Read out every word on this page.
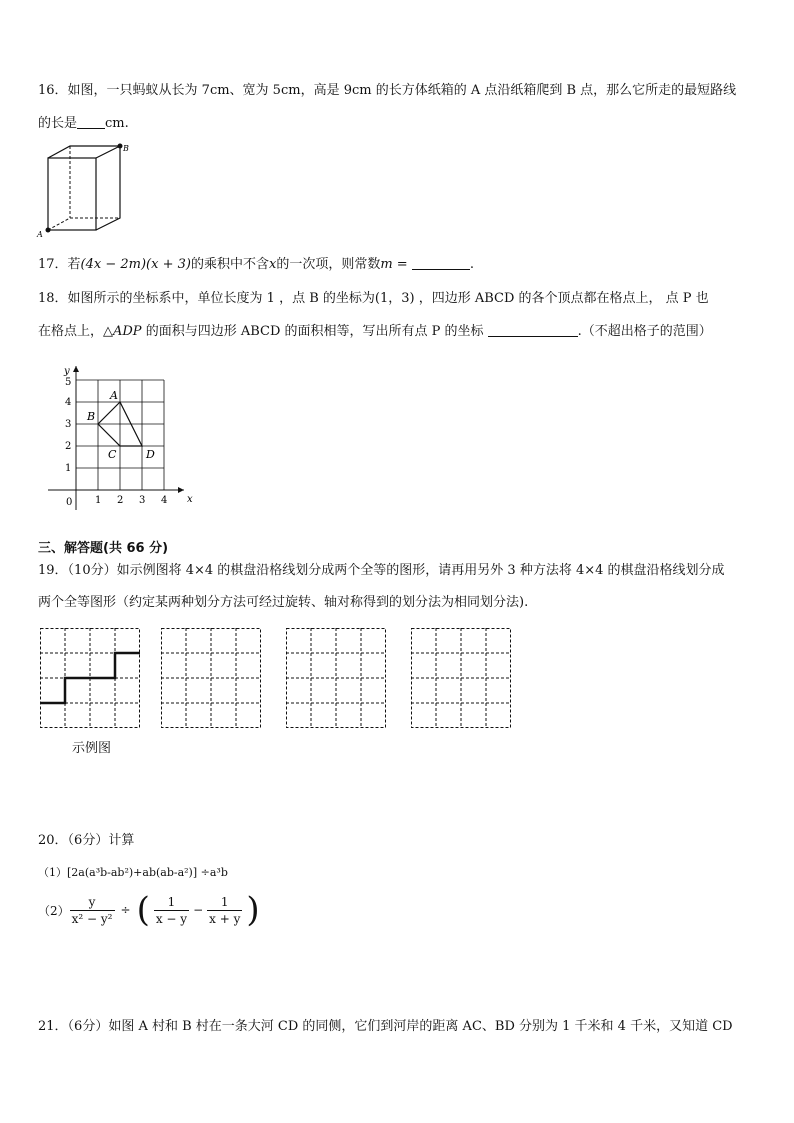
16．如图，一只蚂蚁从长为 7cm、宽为 5cm，高是 9cm 的长方体纸箱的 A 点沿纸箱爬到 B 点，那么它所走的最短路线
的长是 cm.
A
B
17．若(4x − 2m)(x + 3)的乘积中不含x的一次项，则常数m =	.
18．如图所示的坐标系中，单位长度为 1 ，点 B 的坐标为(1，3) ，四边形 ABCD 的各个顶点都在格点上， 点 P 也
在格点上，△ADP 的面积与四边形 ABCD 的面积相等，写出所有点 P 的坐标	.（不超出格子的范围）
y
x
0 1 2 3 4
1
2
3
4
5
A
B
C	D
三、解答题(共 66 分)
19．（10分）如示例图将 4×4 的棋盘沿格线划分成两个全等的图形，请再用另外 3 种方法将 4×4 的棋盘沿格线划分成
两个全等图形（约定某两种划分方法可经过旋转、轴对称得到的划分法为相同划分法).
示例图
20．（6分）计算
（1）[2a(a³b-ab²)+ab(ab-a²)] ÷a³b
$(2) \frac{y}{\text{x² − y²}}$ ÷ ( $\frac{1}{x - y} - \frac{1}{x + y}$ )
21．（6分）如图 A 村和 B 村在一条大河 CD 的同侧，它们到河岸的距离 AC、BD 分别为 1 千米和 4 千米，又知道 CD
